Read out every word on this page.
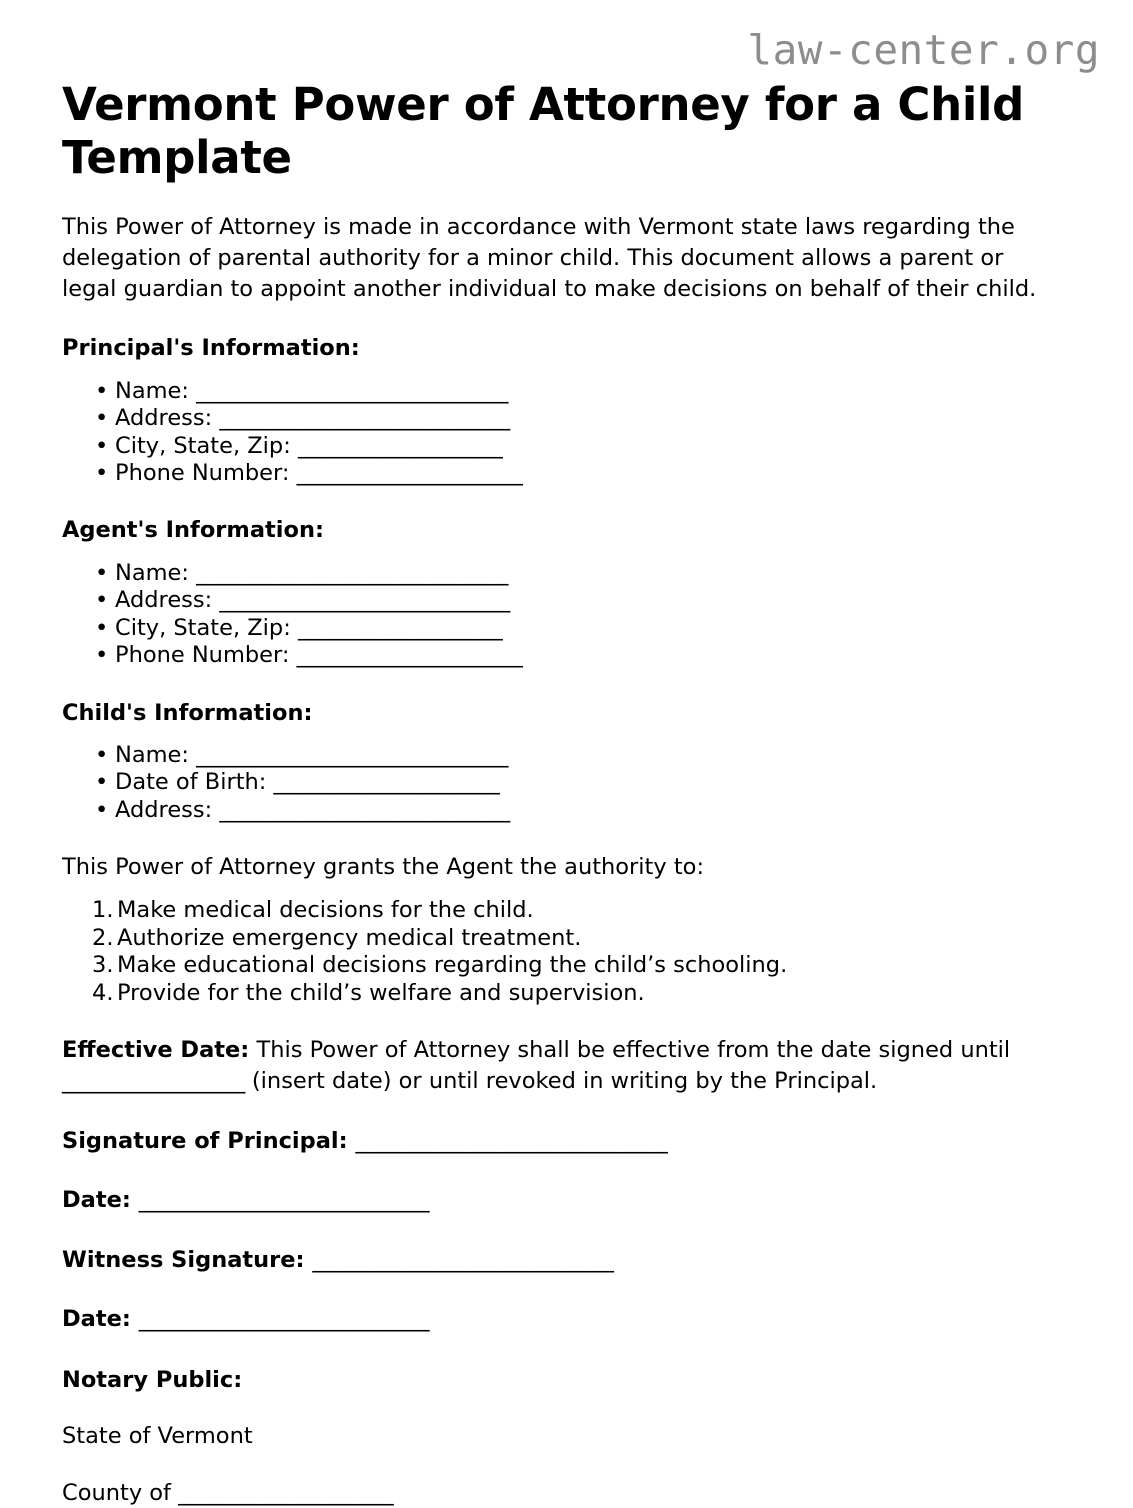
law-center.org
Vermont Power of Attorney for a Child Template

This Power of Attorney is made in accordance with Vermont state laws regarding the delegation of parental authority for a minor child. This document allows a parent or legal guardian to appoint another individual to make decisions on behalf of their child.

Principal's Information:
• Name: _____________________________
• Address: ___________________________
• City, State, Zip: ___________________
• Phone Number: _____________________
Agent's Information:
• Name: _____________________________
• Address: ___________________________
• City, State, Zip: ___________________
• Phone Number: _____________________
Child's Information:
• Name: _____________________________
• Date of Birth: _____________________
• Address: ___________________________

This Power of Attorney grants the Agent the authority to:

Make medical decisions for the child.
Authorize emergency medical treatment.
Make educational decisions regarding the child’s schooling.
Provide for the child’s welfare and supervision.

Effective Date: This Power of Attorney shall be effective from the date signed until _________________ (insert date) or until revoked in writing by the Principal.

Signature of Principal: _____________________________

Date: ___________________________

Witness Signature: ____________________________

Date: ___________________________

Notary Public:

State of Vermont

County of ____________________
